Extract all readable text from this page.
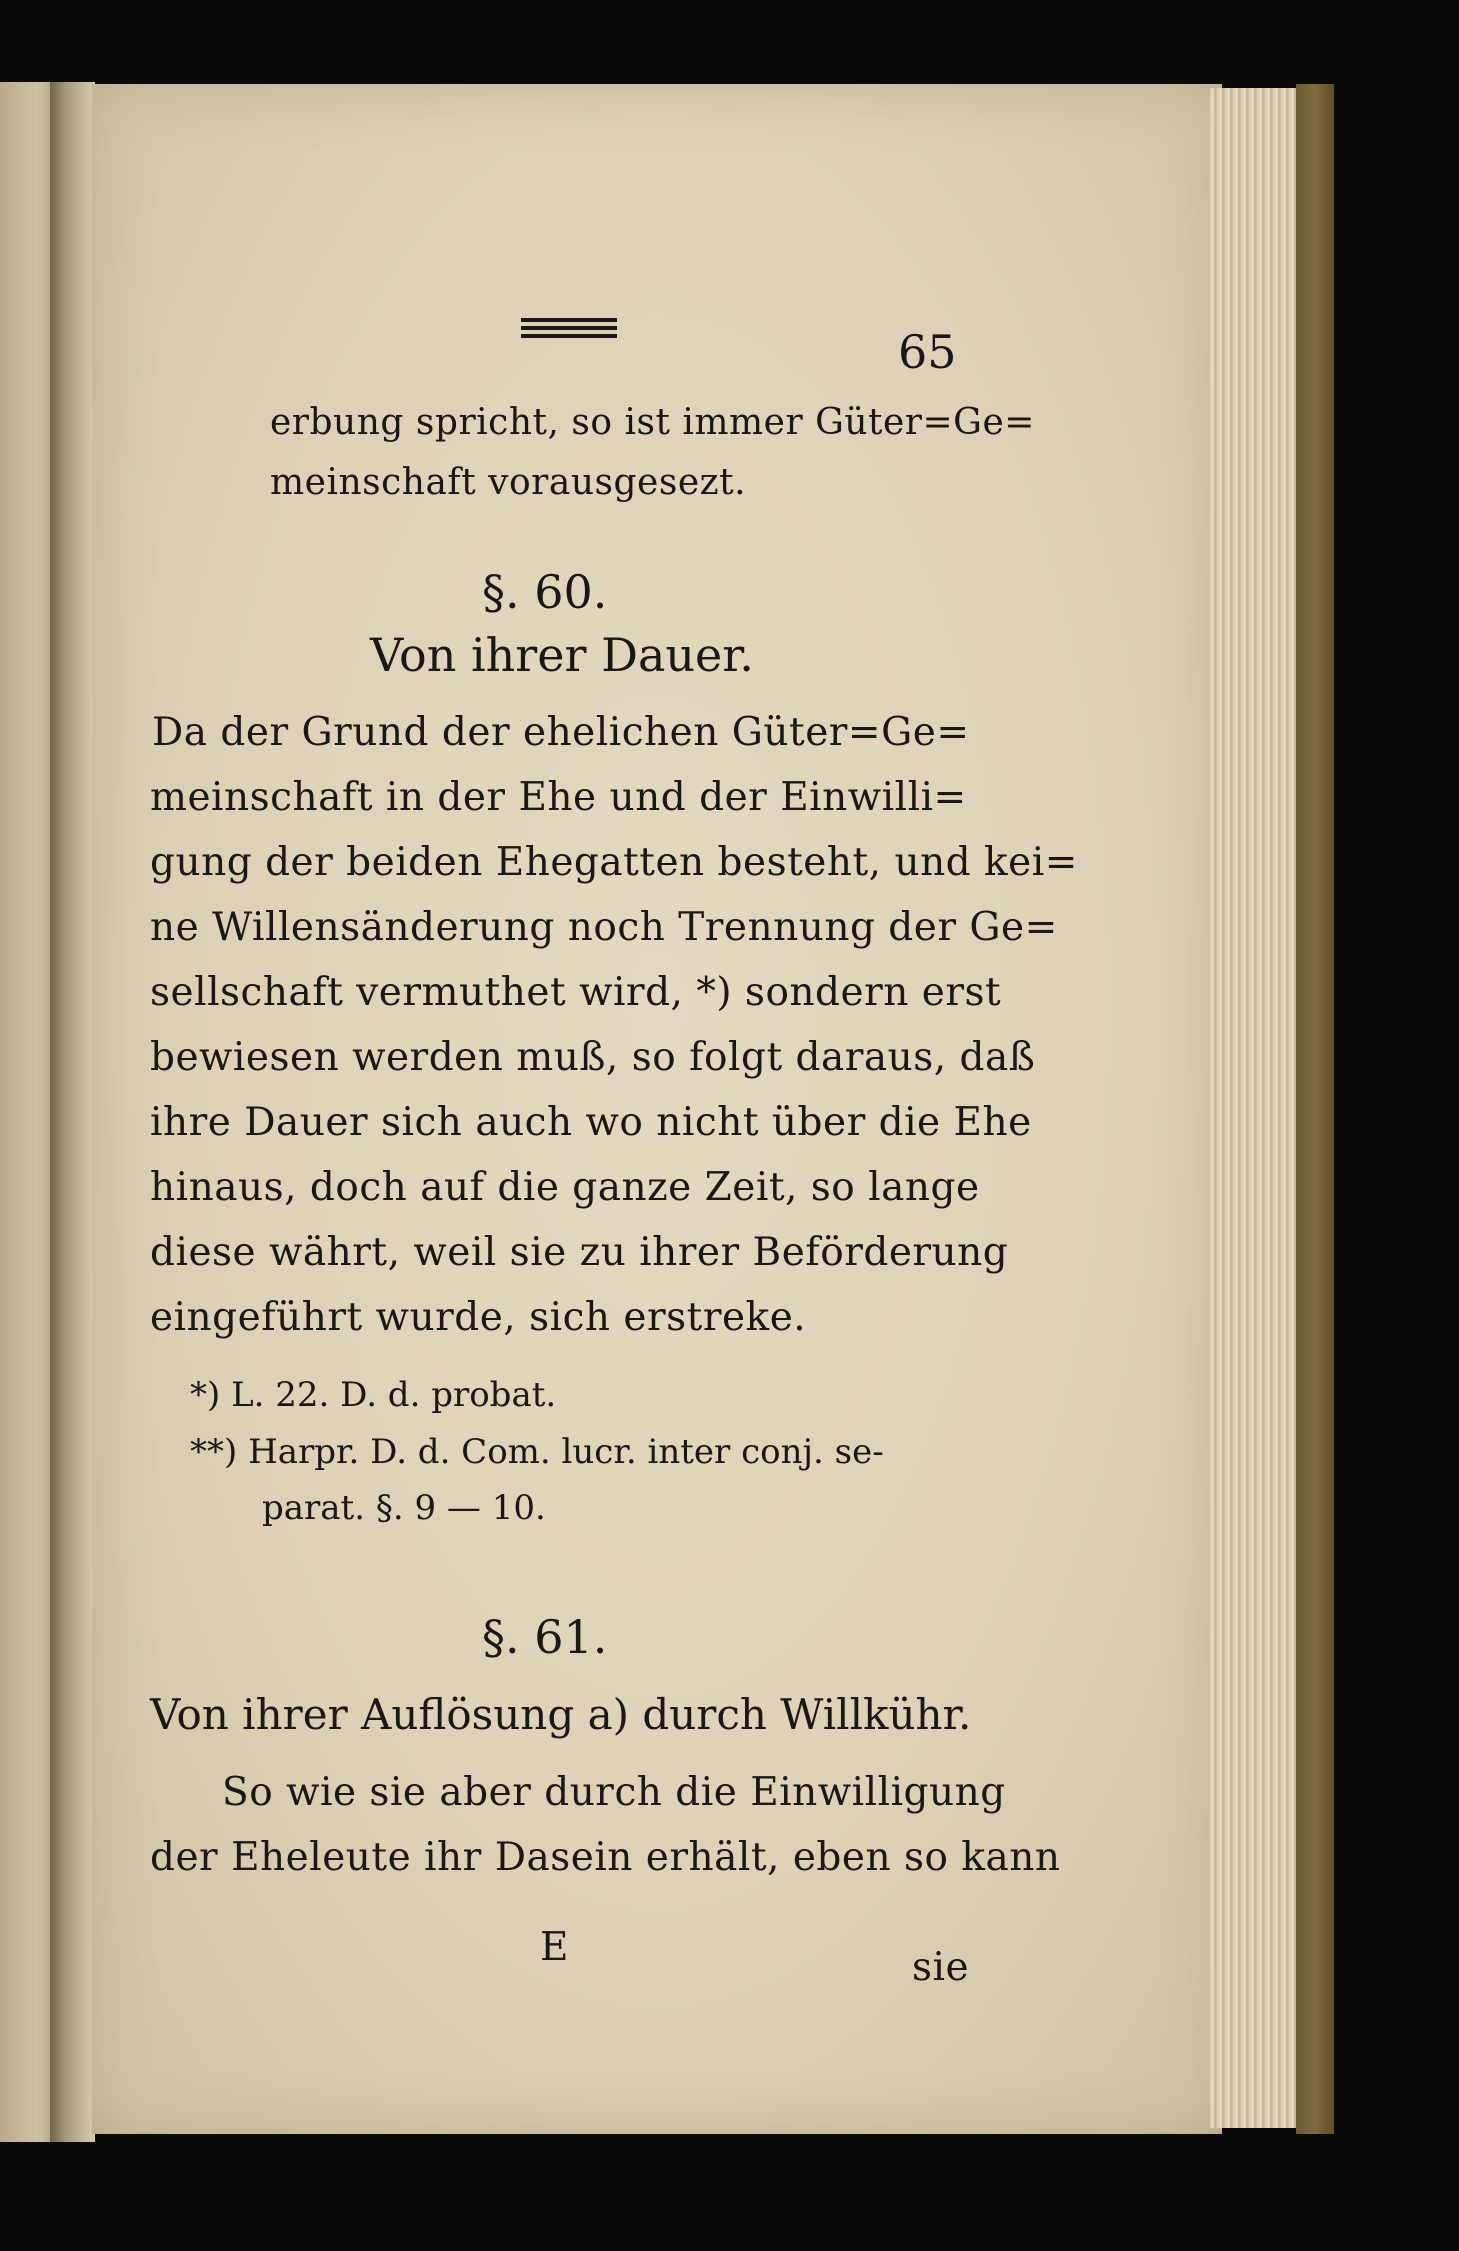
65
erbung spricht, so ist immer Güter=Ge=
meinschaft vorausgesezt.
§. 60.
Von ihrer Dauer.
Da der Grund der ehelichen Güter=Ge=
meinschaft in der Ehe und der Einwilli=
gung der beiden Ehegatten besteht, und kei=
ne Willensänderung noch Trennung der Ge=
sellschaft vermuthet wird, *) sondern erst
bewiesen werden muß, so folgt daraus, daß
ihre Dauer sich auch wo nicht über die Ehe
hinaus, doch auf die ganze Zeit, so lange
diese währt, weil sie zu ihrer Beförderung
eingeführt wurde, sich erstreke.
*) L. 22. D. d. probat.
**) Harpr. D. d. Com. lucr. inter conj. se-
parat. §. 9 — 10.
§. 61.
Von ihrer Auflösung a) durch Willkühr.
So wie sie aber durch die Einwilligung
der Eheleute ihr Dasein erhält, eben so kann
E	sie
